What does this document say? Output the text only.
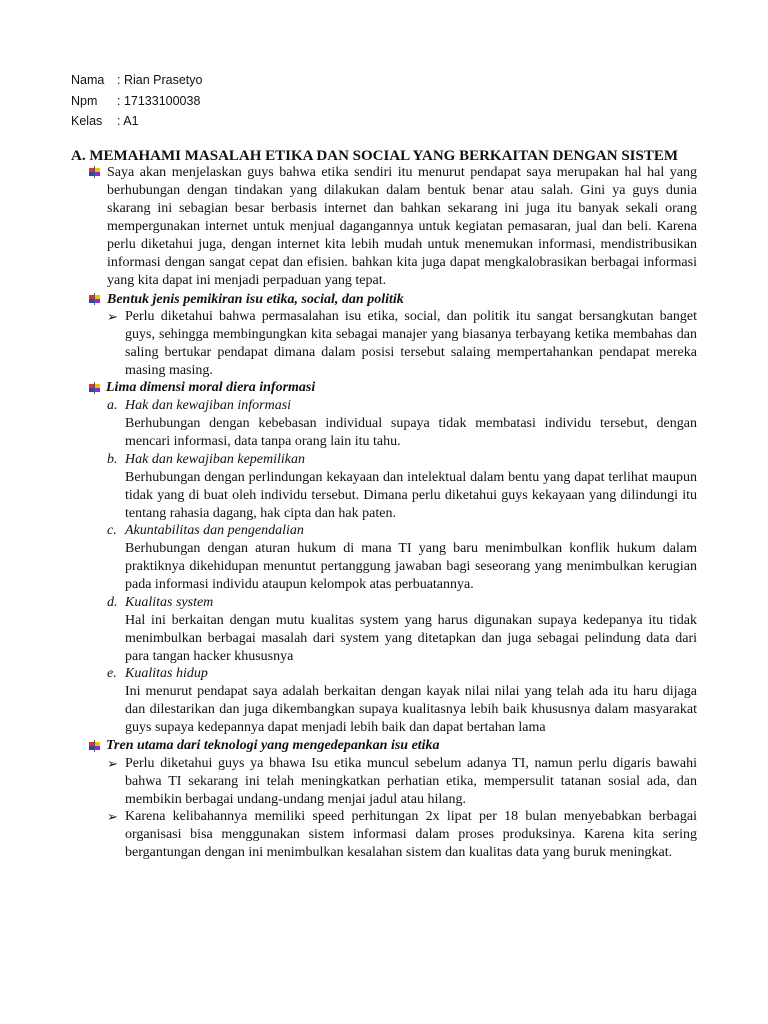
Nama : Rian Prasetyo
Npm : 17133100038
Kelas : A1
A. MEMAHAMI MASALAH ETIKA DAN SOCIAL YANG BERKAITAN DENGAN SISTEM
Saya akan menjelaskan guys bahwa etika sendiri itu menurut pendapat saya merupakan hal hal yang berhubungan dengan tindakan yang dilakukan dalam bentuk benar atau salah. Gini ya guys dunia skarang ini sebagian besar berbasis internet dan bahkan sekarang ini juga itu banyak sekali orang mempergunakan internet untuk menjual dagangannya untuk kegiatan pemasaran, jual dan beli. Karena perlu diketahui juga, dengan internet kita lebih mudah untuk menemukan informasi, mendistribusikan informasi dengan sangat cepat dan efisien. bahkan kita juga dapat mengkalobrasikan berbagai informasi yang kita dapat ini menjadi perpaduan yang tepat.
Bentuk jenis pemikiran isu etika, social, dan politik
➢ Perlu diketahui bahwa permasalahan isu etika, social, dan politik itu sangat bersangkutan banget guys, sehingga membingungkan kita sebagai manajer yang biasanya terbayang ketika membahas dan saling bertukar pendapat dimana dalam posisi tersebut salaing mempertahankan pendapat mereka masing masing.
Lima dimensi moral diera informasi
a. Hak dan kewajiban informasi
Berhubungan dengan kebebasan individual supaya tidak membatasi individu tersebut, dengan mencari informasi, data tanpa orang lain itu tahu.
b. Hak dan kewajiban kepemilikan
Berhubungan dengan perlindungan kekayaan dan intelektual dalam bentu yang dapat terlihat maupun tidak yang di buat oleh individu tersebut. Dimana perlu diketahui guys kekayaan yang dilindungi itu tentang rahasia dagang, hak cipta dan hak paten.
c. Akuntabilitas dan pengendalian
Berhubungan dengan aturan hukum di mana TI yang baru menimbulkan konflik hukum dalam praktiknya dikehidupan menuntut pertanggung jawaban bagi seseorang yang menimbulkan kerugian pada informasi individu ataupun kelompok atas perbuatannya.
d. Kualitas system
Hal ini berkaitan dengan mutu kualitas system yang harus digunakan supaya kedepanya itu tidak menimbulkan berbagai masalah dari system yang ditetapkan dan juga sebagai pelindung data dari para tangan hacker khususnya
e. Kualitas hidup
Ini menurut pendapat saya adalah berkaitan dengan kayak nilai nilai yang telah ada itu haru dijaga dan dilestarikan dan juga dikembangkan supaya kualitasnya lebih baik khususnya dalam masyarakat guys supaya kedepannya dapat menjadi lebih baik dan dapat bertahan lama
Tren utama dari teknologi yang mengedepankan isu etika
➢ Perlu diketahui guys ya bhawa Isu etika muncul sebelum adanya TI, namun perlu digaris bawahi bahwa TI sekarang ini telah meningkatkan perhatian etika, mempersulit tatanan sosial ada, dan membikin berbagai undang-undang menjai jadul atau hilang.
➢ Karena kelibahannya memiliki speed perhitungan 2x lipat per 18 bulan menyebabkan berbagai organisasi bisa menggunakan sistem informasi dalam proses produksinya. Karena kita sering bergantungan dengan ini menimbulkan kesalahan sistem dan kualitas data yang buruk meningkat.
